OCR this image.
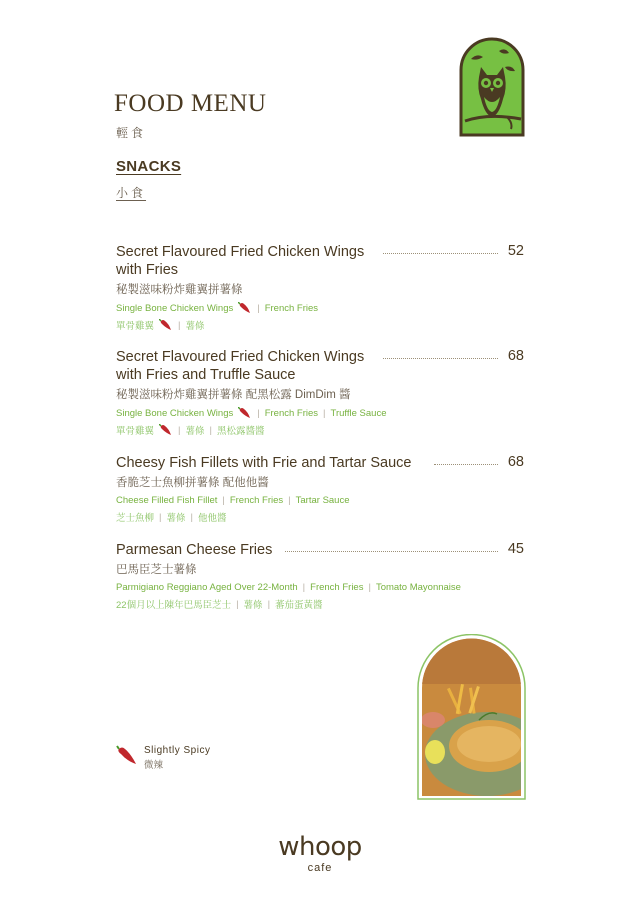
FOOD MENU
輕食
SNACKS
小食
Secret Flavoured Fried Chicken Wings
with Fries
秘製滋味粉炸雞翼拼薯條
Single Bone Chicken Wings	| French Fries
單骨雞翼	| 薯條
52
Secret Flavoured Fried Chicken Wings
with Fries and Truffle Sauce
秘製滋味粉炸雞翼拼薯條 配黑松露 DimDim 醬
Single Bone Chicken Wings	| French Fries | Truffle Sauce
單骨雞翼	| 薯條 | 黑松露醬醬
68
Cheesy Fish Fillets with Frie and Tartar Sauce
香脆芝士魚柳拼薯條 配他他醬
Cheese Filled Fish Fillet | French Fries | Tartar Sauce
芝士魚柳 | 薯條 | 他他醬
68
Parmesan Cheese Fries
巴馬臣芝士薯條
Parmigiano Reggiano Aged Over 22-Month | French Fries | Tomato Mayonnaise
22個月以上陳年巴馬臣芝士 | 薯條 | 蕃茄蛋黃醬
45
Slightly Spicy
微辣
whoop
cafe
